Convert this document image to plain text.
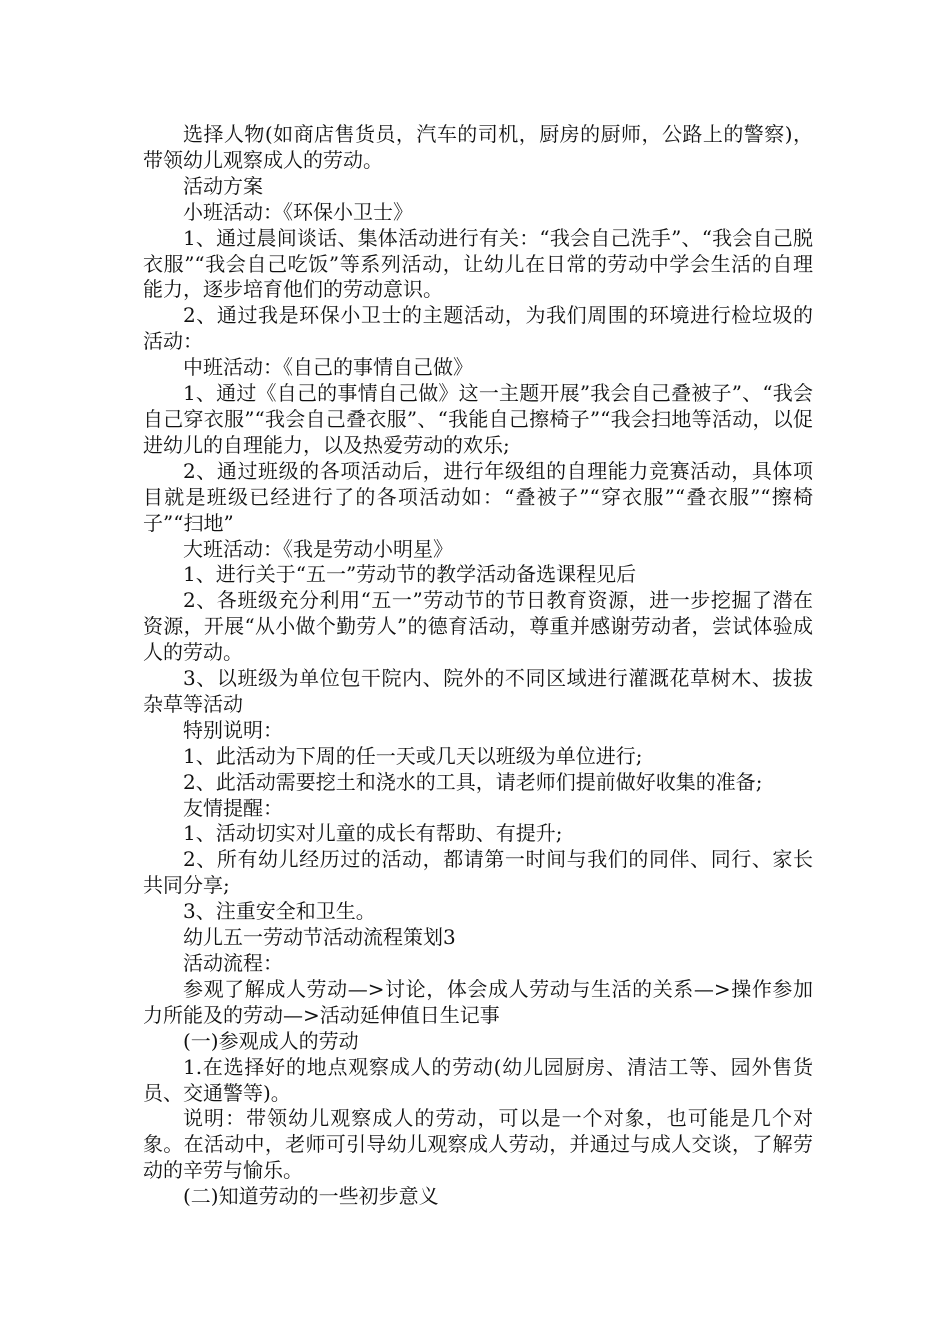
选择人物(如商店售货员，汽车的司机，厨房的厨师，公路上的警察)，带领幼儿观察成人的劳动。

活动方案

小班活动：《环保小卫士》

1、通过晨间谈话、集体活动进行有关：“我会自己洗手”、“我会自己脱衣服”“我会自己吃饭”等系列活动，让幼儿在日常的劳动中学会生活的自理能力，逐步培育他们的劳动意识。

2、通过我是环保小卫士的主题活动，为我们周围的环境进行检垃圾的活动：

中班活动：《自己的事情自己做》

1、通过《自己的事情自己做》这一主题开展”我会自己叠被子”、“我会自己穿衣服”“我会自己叠衣服”、“我能自己擦椅子”“我会扫地等活动，以促进幼儿的自理能力，以及热爱劳动的欢乐;

2、通过班级的各项活动后，进行年级组的自理能力竞赛活动，具体项目就是班级已经进行了的各项活动如：“叠被子”“穿衣服”“叠衣服”“擦椅子”“扫地”

大班活动：《我是劳动小明星》

1、进行关于“五一”劳动节的教学活动备选课程见后

2、各班级充分利用“五一”劳动节的节日教育资源，进一步挖掘了潜在资源，开展“从小做个勤劳人”的德育活动，尊重并感谢劳动者，尝试体验成人的劳动。

3、以班级为单位包干院内、院外的不同区域进行灌溉花草树木、拔拔杂草等活动

特别说明：

1、此活动为下周的任一天或几天以班级为单位进行;

2、此活动需要挖土和浇水的工具，请老师们提前做好收集的准备;

友情提醒：

1、活动切实对儿童的成长有帮助、有提升;

2、所有幼儿经历过的活动，都请第一时间与我们的同伴、同行、家长共同分享;

3、注重安全和卫生。

幼儿五一劳动节活动流程策划3

活动流程：

参观了解成人劳动—>讨论，体会成人劳动与生活的关系—>操作参加力所能及的劳动—>活动延伸值日生记事

(一)参观成人的劳动

1.在选择好的地点观察成人的劳动(幼儿园厨房、清洁工等、园外售货员、交通警等)。

说明：带领幼儿观察成人的劳动，可以是一个对象，也可能是几个对象。在活动中，老师可引导幼儿观察成人劳动，并通过与成人交谈，了解劳动的辛劳与愉乐。

(二)知道劳动的一些初步意义
